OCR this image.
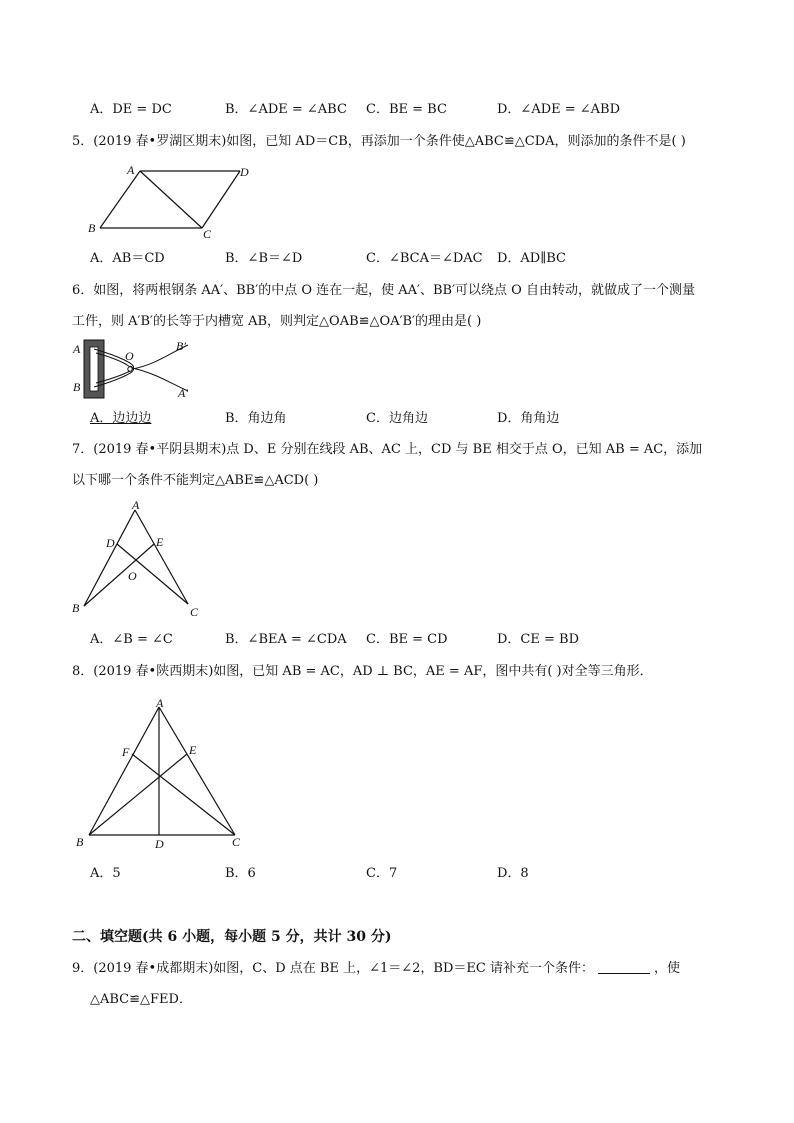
A．DE = DC	B．∠ADE = ∠ABC C．BE = BC	D．∠ADE = ∠ABD
5．(2019 春•罗湖区期末)如图，已知 AD＝CB，再添加一个条件使△ABC≌△CDA，则添加的条件不是( )
A	D
B	C
A．AB＝CD	B．∠B＝∠D	C．∠BCA＝∠DAC D．AD∥BC
6．如图，将两根钢条 AA′、BB′的中点 O 连在一起，使 AA′、BB′可以绕点 O 自由转动，就做成了一个测量
工件，则 A′B′的长等于内槽宽 AB，则判定△OAB≌△OA′B′的理由是( )
A
B
O
B′
A′
A．边边边	B．角边角	C．边角边	D．角角边
7．(2019 春•平阴县期末)点 D、E 分别在线段 AB、AC 上，CD 与 BE 相交于点 O，已知 AB = AC，添加
以下哪一个条件不能判定△ABE≌△ACD( )
A
D	E
O
B	C
A．∠B = ∠C	B．∠BEA = ∠CDA C．BE = CD	D．CE = BD
8．(2019 春•陕西期末)如图，已知 AB = AC，AD ⊥ BC，AE = AF，图中共有( )对全等三角形．
A
F	E
B	D	C
A．5	B．6	C．7	D．8
二、填空题(共 6 小题，每小题 5 分，共计 30 分)
9．(2019 春•成都期末)如图，C、D 点在 BE 上，∠1＝∠2，BD＝EC 请补充一个条件：	，使
△ABC≌△FED．
